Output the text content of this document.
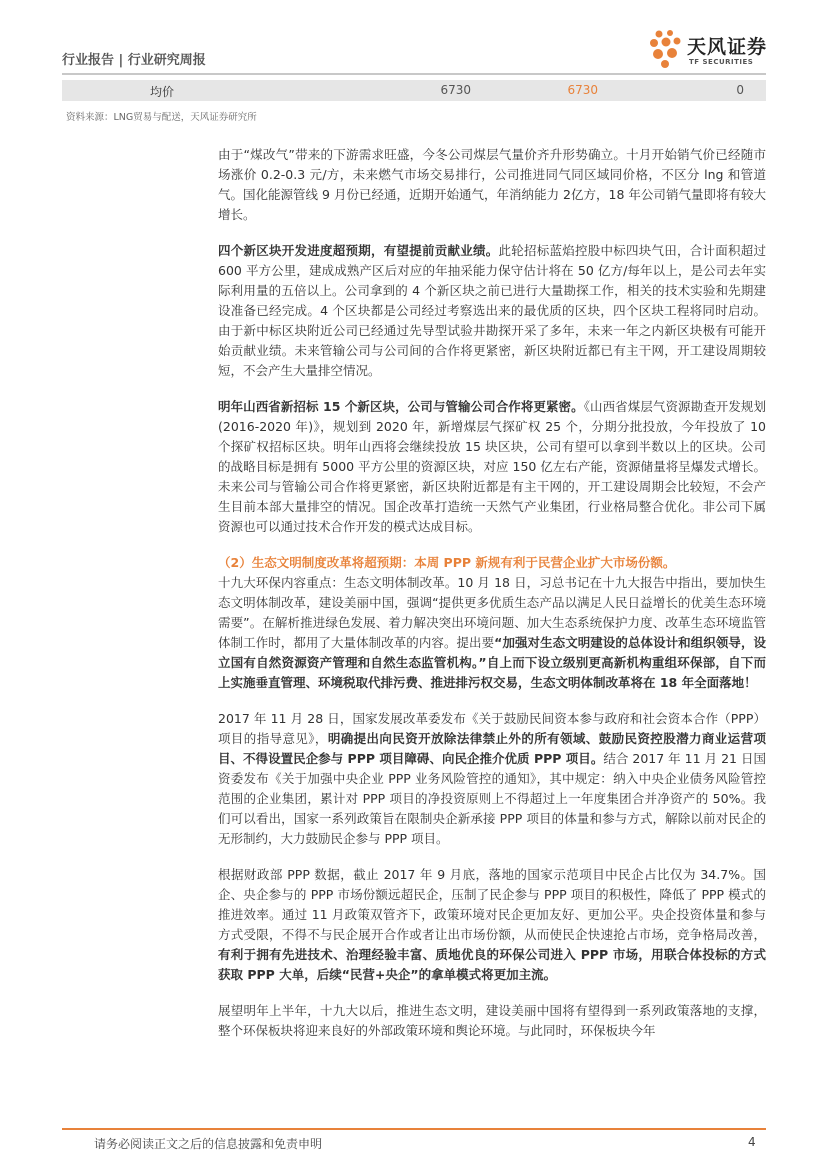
行业报告 | 行业研究周报
天风证券
TF SECURITIES
均价	6730	6730	0
资料来源：LNG贸易与配送，天风证券研究所

由于“煤改气”带来的下游需求旺盛，今冬公司煤层气量价齐升形势确立。十月开始销气价已经随市场涨价 0.2-0.3 元/方，未来燃气市场交易排行，公司推进同气同区域同价格，不区分 lng 和管道气。国化能源管线 9 月份已经通，近期开始通气，年消纳能力 2亿方，18 年公司销气量即将有较大增长。

四个新区块开发进度超预期，有望提前贡献业绩。此轮招标蓝焰控股中标四块气田，合计面积超过 600 平方公里，建成成熟产区后对应的年抽采能力保守估计将在 50 亿方/每年以上，是公司去年实际利用量的五倍以上。公司拿到的 4 个新区块之前已进行大量勘探工作，相关的技术实验和先期建设准备已经完成。4 个区块都是公司经过考察选出来的最优质的区块，四个区块工程将同时启动。由于新中标区块附近公司已经通过先导型试验井勘探开采了多年，未来一年之内新区块极有可能开始贡献业绩。未来管输公司与公司间的合作将更紧密，新区块附近都已有主干网，开工建设周期较短，不会产生大量排空情况。

明年山西省新招标 15 个新区块，公司与管输公司合作将更紧密。《山西省煤层气资源勘查开发规划(2016-2020 年)》，规划到 2020 年，新增煤层气探矿权 25 个，分期分批投放，今年投放了 10 个探矿权招标区块。明年山西将会继续投放 15 块区块，公司有望可以拿到半数以上的区块。公司的战略目标是拥有 5000 平方公里的资源区块，对应 150 亿左右产能，资源储量将呈爆发式增长。未来公司与管输公司合作将更紧密，新区块附近都是有主干网的，开工建设周期会比较短，不会产生目前本部大量排空的情况。国企改革打造统一天然气产业集团，行业格局整合优化。非公司下属资源也可以通过技术合作开发的模式达成目标。

（2）生态文明制度改革将超预期：本周 PPP 新规有利于民营企业扩大市场份额。
十九大环保内容重点：生态文明体制改革。10 月 18 日，习总书记在十九大报告中指出，要加快生态文明体制改革，建设美丽中国，强调“提供更多优质生态产品以满足人民日益增长的优美生态环境需要”。在解析推进绿色发展、着力解决突出环境问题、加大生态系统保护力度、改革生态环境监管体制工作时，都用了大量体制改革的内容。提出要“加强对生态文明建设的总体设计和组织领导，设立国有自然资源资产管理和自然生态监管机构。”自上而下设立级别更高新机构重组环保部，自下而上实施垂直管理、环境税取代排污费、推进排污权交易，生态文明体制改革将在 18 年全面落地！

2017 年 11 月 28 日，国家发展改革委发布《关于鼓励民间资本参与政府和社会资本合作（PPP）项目的指导意见》，明确提出向民资开放除法律禁止外的所有领域、鼓励民资控股潜力商业运营项目、不得设置民企参与 PPP 项目障碍、向民企推介优质 PPP 项目。结合 2017 年 11 月 21 日国资委发布《关于加强中央企业 PPP 业务风险管控的通知》，其中规定：纳入中央企业债务风险管控范围的企业集团，累计对 PPP 项目的净投资原则上不得超过上一年度集团合并净资产的 50%。我们可以看出，国家一系列政策旨在限制央企新承接 PPP 项目的体量和参与方式，解除以前对民企的无形制约，大力鼓励民企参与 PPP 项目。

根据财政部 PPP 数据，截止 2017 年 9 月底，落地的国家示范项目中民企占比仅为 34.7%。国企、央企参与的 PPP 市场份额远超民企，压制了民企参与 PPP 项目的积极性，降低了 PPP 模式的推进效率。通过 11 月政策双管齐下，政策环境对民企更加友好、更加公平。央企投资体量和参与方式受限，不得不与民企展开合作或者让出市场份额，从而使民企快速抢占市场，竞争格局改善，有利于拥有先进技术、治理经验丰富、质地优良的环保公司进入 PPP 市场，用联合体投标的方式获取 PPP 大单，后续“民营+央企”的拿单模式将更加主流。

展望明年上半年，十九大以后，推进生态文明，建设美丽中国将有望得到一系列政策落地的支撑，整个环保板块将迎来良好的外部政策环境和舆论环境。与此同时，环保板块今年

请务必阅读正文之后的信息披露和免责申明	4
